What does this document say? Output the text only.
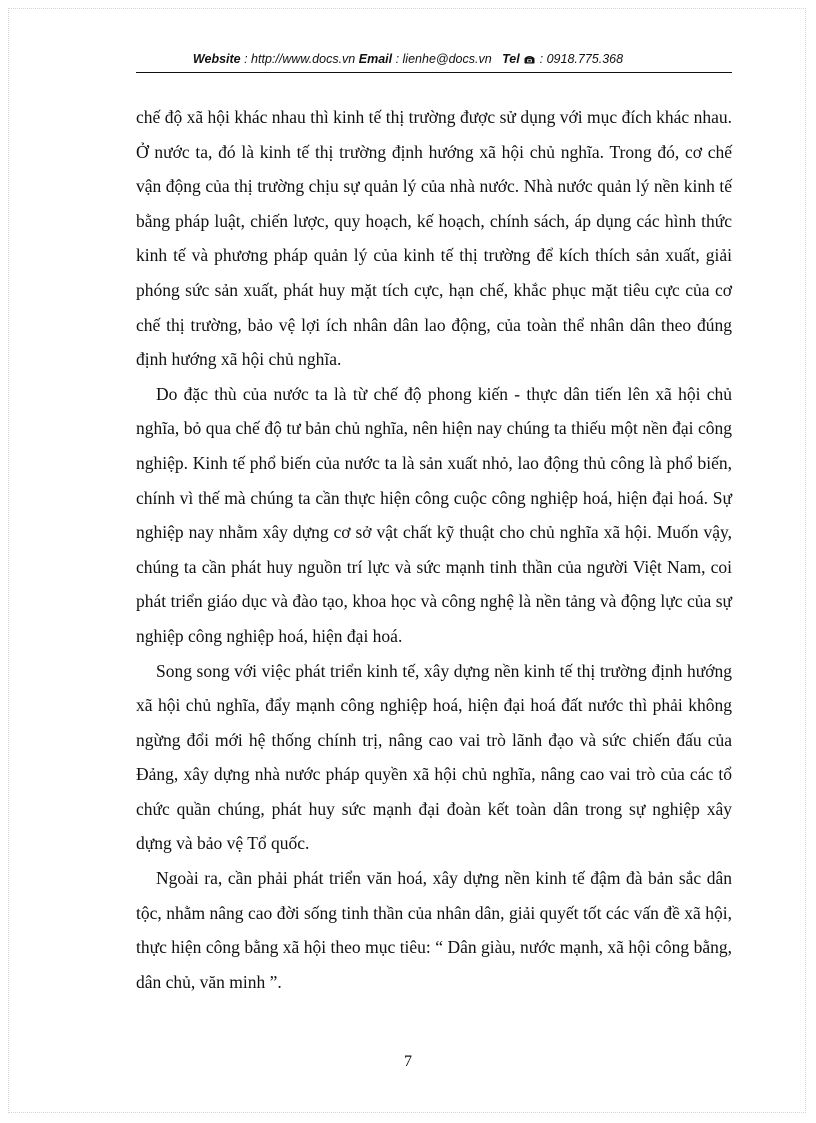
Website : http://www.docs.vn Email : lienhe@docs.vn Tel  : 0918.775.368

chế độ xã hội khác nhau thì kinh tế thị trường được sử dụng với mục đích khác nhau. Ở nước ta, đó là kinh tế thị trường định hướng xã hội chủ nghĩa. Trong đó, cơ chế vận động của thị trường chịu sự quản lý của nhà nước. Nhà nước quản lý nền kinh tế bằng pháp luật, chiến lược, quy hoạch, kế hoạch, chính sách, áp dụng các hình thức kinh tế và phương pháp quản lý của kinh tế thị trường để kích thích sản xuất, giải phóng sức sản xuất, phát huy mặt tích cực, hạn chế, khắc phục mặt tiêu cực của cơ chế thị trường, bảo vệ lợi ích nhân dân lao động, của toàn thể nhân dân theo đúng định hướng xã hội chủ nghĩa.

Do đặc thù của nước ta là từ chế độ phong kiến - thực dân tiến lên xã hội chủ nghĩa, bỏ qua chế độ tư bản chủ nghĩa, nên hiện nay chúng ta thiếu một nền đại công nghiệp. Kinh tế phổ biến của nước ta là sản xuất nhỏ, lao động thủ công là phổ biến, chính vì thế mà chúng ta cần thực hiện công cuộc công nghiệp hoá, hiện đại hoá. Sự nghiệp nay nhằm xây dựng cơ sở vật chất kỹ thuật cho chủ nghĩa xã hội. Muốn vậy, chúng ta cần phát huy nguồn trí lực và sức mạnh tinh thần của người Việt Nam, coi phát triển giáo dục và đào tạo, khoa học và công nghệ là nền tảng và động lực của sự nghiệp công nghiệp hoá, hiện đại hoá.

Song song với việc phát triển kinh tế, xây dựng nền kinh tế thị trường định hướng xã hội chủ nghĩa, đẩy mạnh công nghiệp hoá, hiện đại hoá đất nước thì phải không ngừng đổi mới hệ thống chính trị, nâng cao vai trò lãnh đạo và sức chiến đấu của Đảng, xây dựng nhà nước pháp quyền xã hội chủ nghĩa, nâng cao vai trò của các tổ chức quần chúng, phát huy sức mạnh đại đoàn kết toàn dân trong sự nghiệp xây dựng và bảo vệ Tổ quốc.

Ngoài ra, cần phải phát triển văn hoá, xây dựng nền kinh tế đậm đà bản sắc dân tộc, nhằm nâng cao đời sống tinh thần của nhân dân, giải quyết tốt các vấn đề xã hội, thực hiện công bằng xã hội theo mục tiêu: “ Dân giàu, nước mạnh, xã hội công bằng, dân chủ, văn minh ”.

7
